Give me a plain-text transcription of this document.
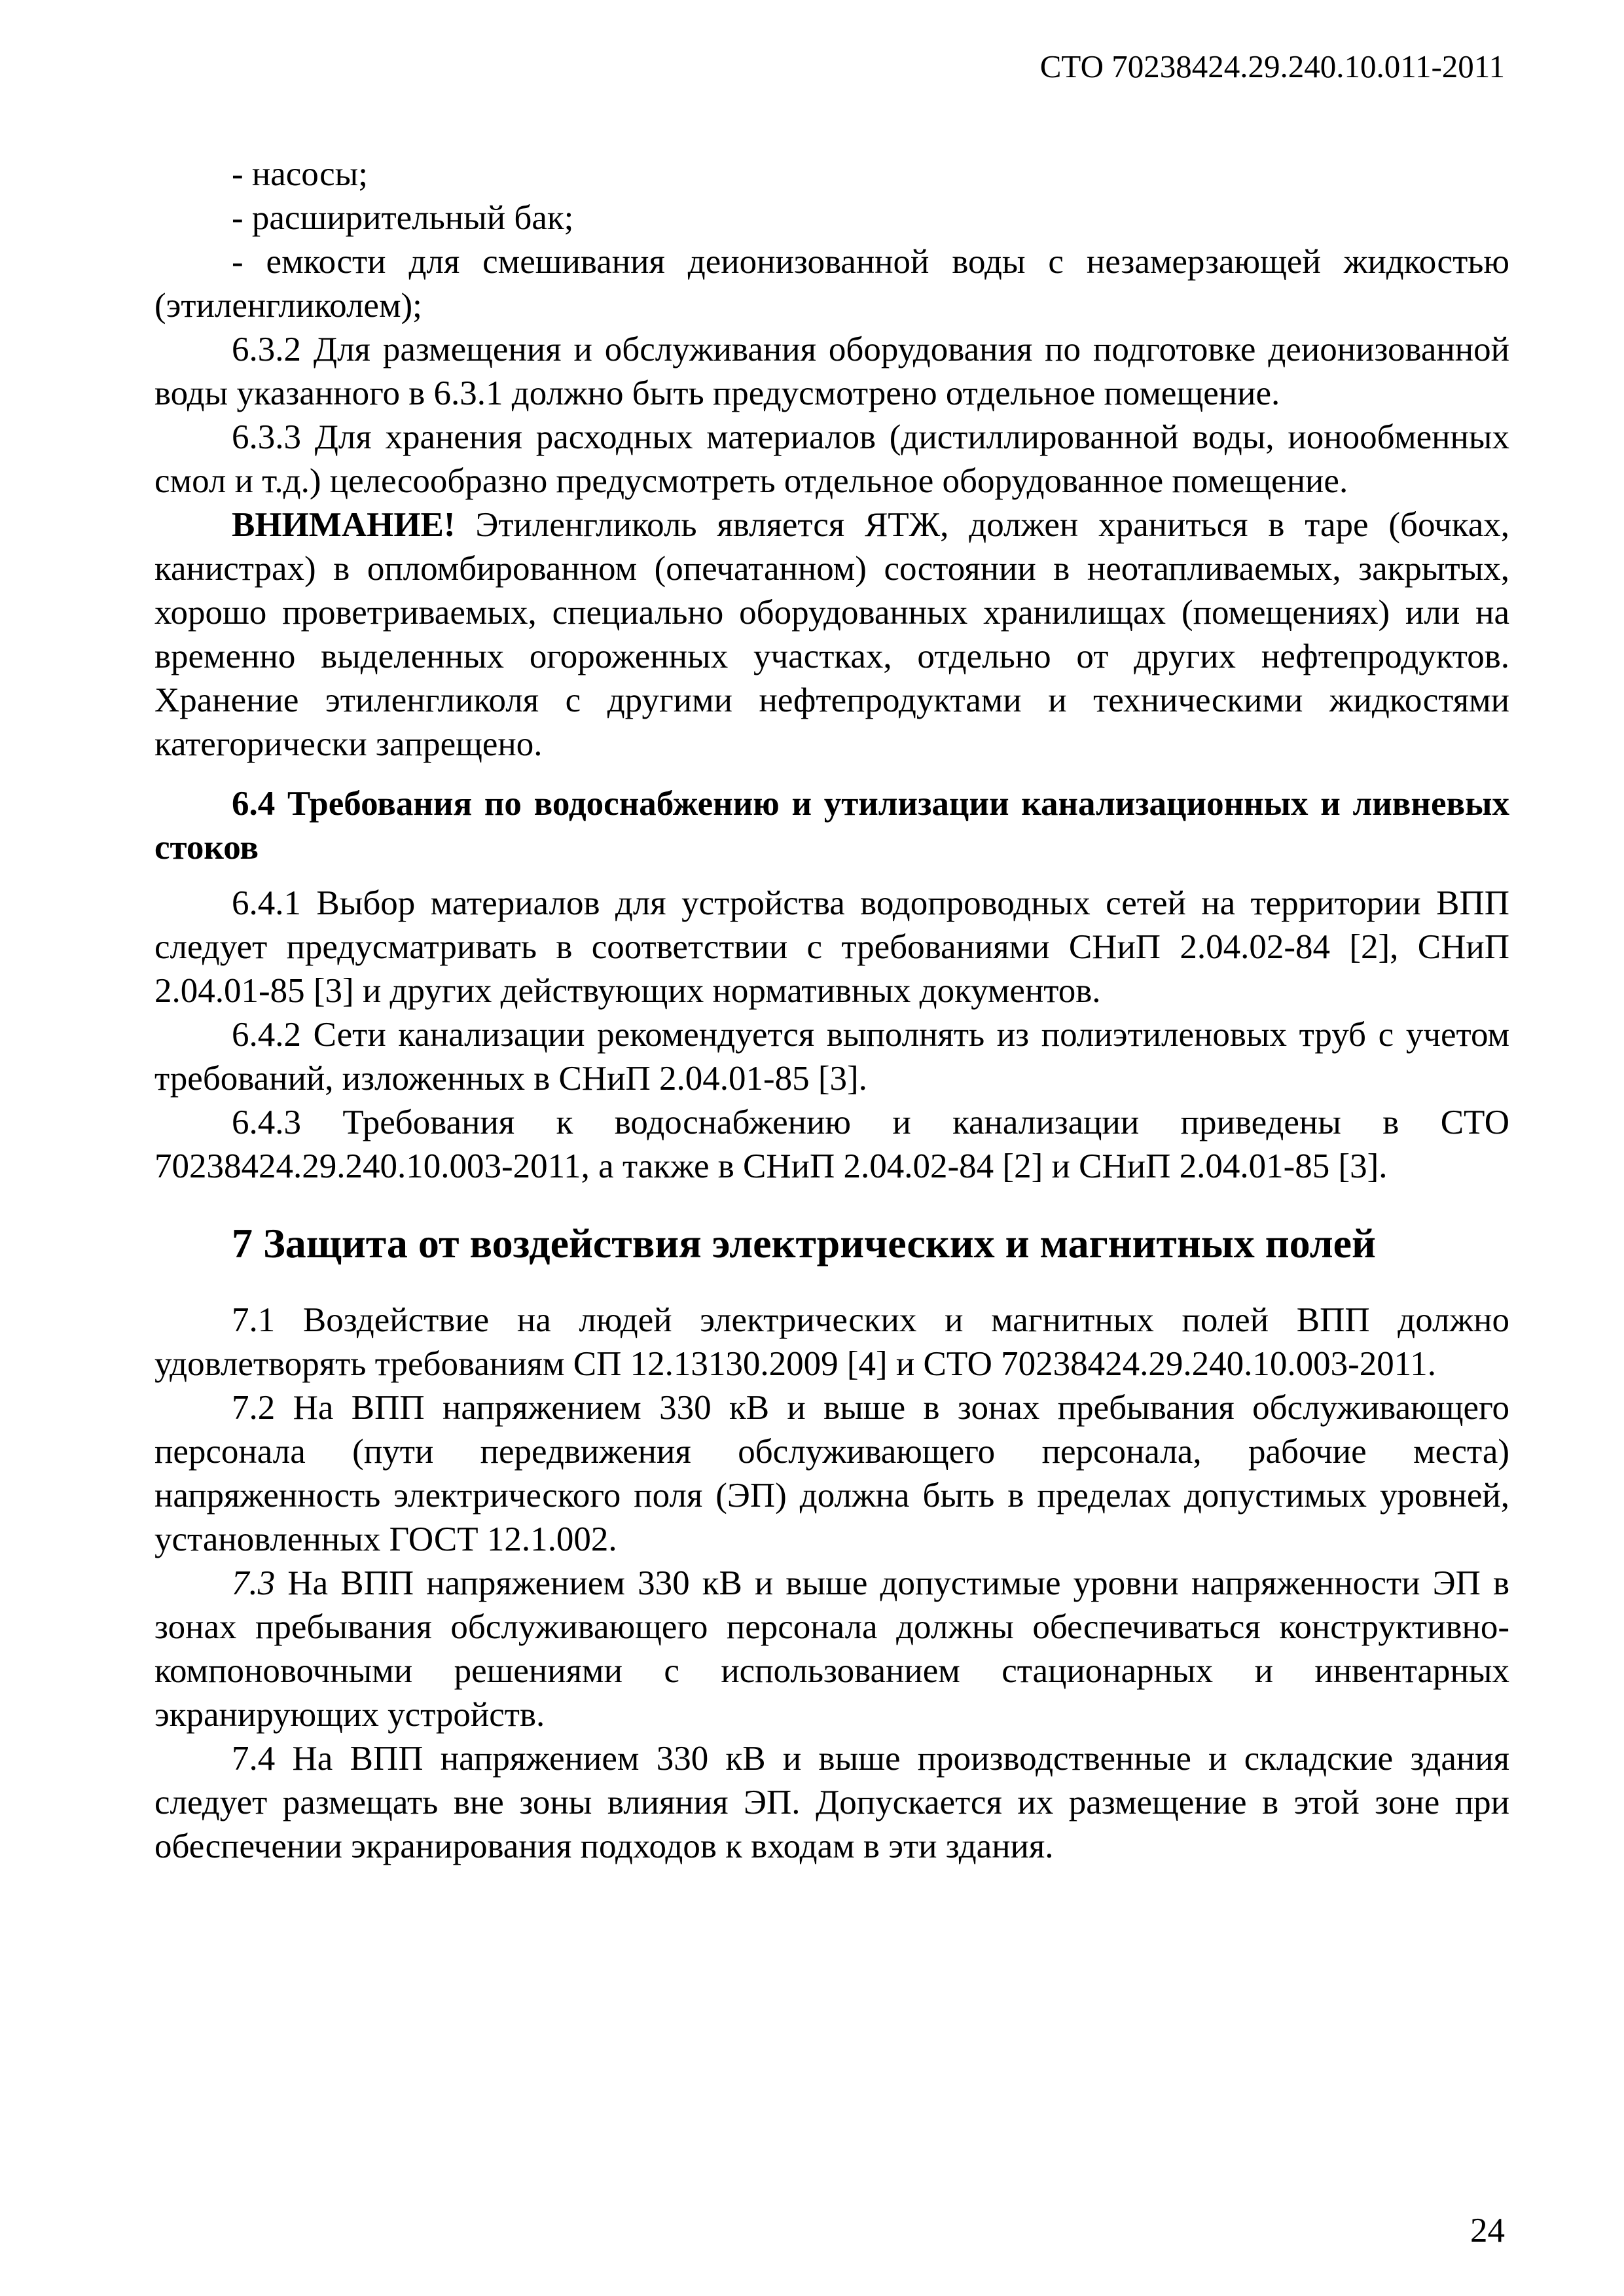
СТО 70238424.29.240.10.011-2011

- насосы;

- расширительный бак;

- емкости для смешивания деионизованной воды с незамерзающей жидкостью (этиленгликолем);

6.3.2 Для размещения и обслуживания оборудования по подготовке деионизованной воды указанного в 6.3.1 должно быть предусмотрено отдельное помещение.

6.3.3 Для хранения расходных материалов (дистиллированной воды, ионообменных смол и т.д.) целесообразно предусмотреть отдельное оборудованное помещение.

ВНИМАНИЕ! Этиленгликоль является ЯТЖ, должен храниться в таре (бочках, канистрах) в опломбированном (опечатанном) состоянии в неотапливаемых, закрытых, хорошо проветриваемых, специально оборудованных хранилищах (помещениях) или на временно выделенных огороженных участках, отдельно от других нефтепродуктов. Хранение этиленгликоля с другими нефтепродуктами и техническими жидкостями категорически запрещено.

6.4 Требования по водоснабжению и утилизации канализационных и ливневых стоков

6.4.1 Выбор материалов для устройства водопроводных сетей на территории ВПП следует предусматривать в соответствии с требованиями СНиП 2.04.02-84 [2], СНиП 2.04.01-85 [3] и других действующих нормативных документов.

6.4.2 Сети канализации рекомендуется выполнять из полиэтиленовых труб с учетом требований, изложенных в СНиП 2.04.01-85 [3].

6.4.3 Требования к водоснабжению и канализации приведены в СТО 70238424.29.240.10.003-2011, а также в СНиП 2.04.02-84 [2] и СНиП 2.04.01-85 [3].

7 Защита от воздействия электрических и магнитных полей

7.1 Воздействие на людей электрических и магнитных полей ВПП должно удовлетворять требованиям СП 12.13130.2009 [4] и СТО 70238424.29.240.10.003-2011.

7.2 На ВПП напряжением 330 кВ и выше в зонах пребывания обслуживающего персонала (пути передвижения обслуживающего персонала, рабочие места) напряженность электрического поля (ЭП) должна быть в пределах допустимых уровней, установленных ГОСТ 12.1.002.

7.3 На ВПП напряжением 330 кВ и выше допустимые уровни напряженности ЭП в зонах пребывания обслуживающего персонала должны обеспечиваться конструктивно-компоновочными решениями с использованием стационарных и инвентарных экранирующих устройств.

7.4 На ВПП напряжением 330 кВ и выше производственные и складские здания следует размещать вне зоны влияния ЭП. Допускается их размещение в этой зоне при обеспечении экранирования подходов к входам в эти здания.

24
